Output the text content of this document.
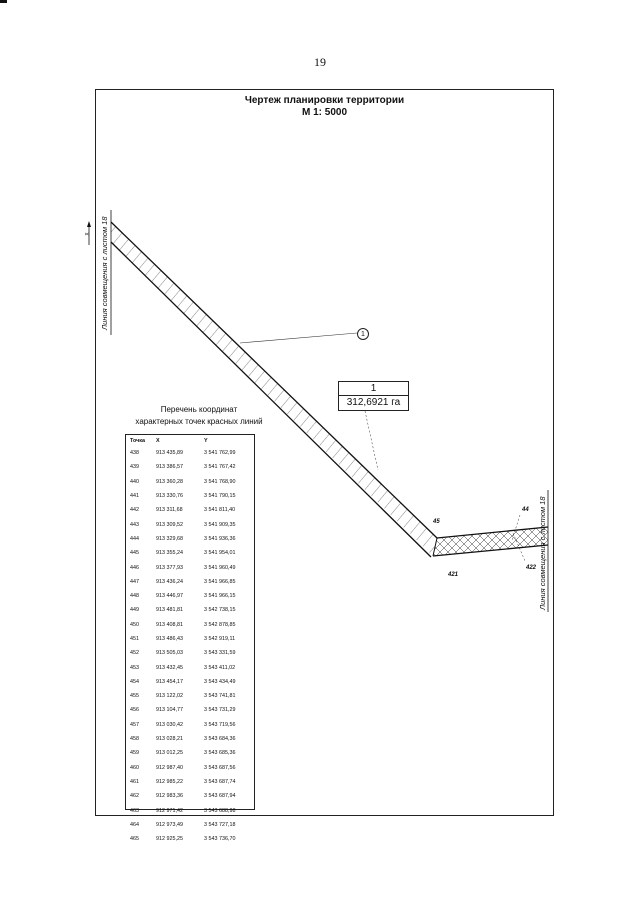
19
Чертеж планировки территории
М 1: 5000
x Линия совмещения с листом 18
Линия совмещения с листом 18
1
1
312,6921 га
45
44
421
422
Перечень координат
характерных точек красных линий
Точка	X	Y
438	913 435,89	3 541 762,99
439	913 386,57	3 541 767,42
440	913 360,28	3 541 768,90
441	913 330,76	3 541 790,15
442	913 311,68	3 541 811,40
443	913 309,52	3 541 909,35
444	913 329,68	3 541 936,36
445	913 355,24	3 541 954,01
446	913 377,93	3 541 960,49
447	913 436,24	3 541 966,85
448	913 446,97	3 541 966,15
449	913 481,81	3 542 738,15
450	913 408,81	3 542 878,85
451	913 486,43	3 542 919,11
452	913 505,03	3 543 331,59
453	913 432,45	3 543 411,02
454	913 454,17	3 543 434,49
455	913 122,02	3 543 741,81
456	913 104,77	3 543 731,29
457	913 030,42	3 543 719,56
458	913 028,21	3 543 684,36
459	913 012,25	3 543 685,36
460	912 987,40	3 543 687,56
461	912 985,22	3 543 687,74
462	912 983,36	3 543 687,94
463	912 971,42	3 543 688,98
464	912 973,49	3 543 727,18
465	912 925,25	3 543 736,70
